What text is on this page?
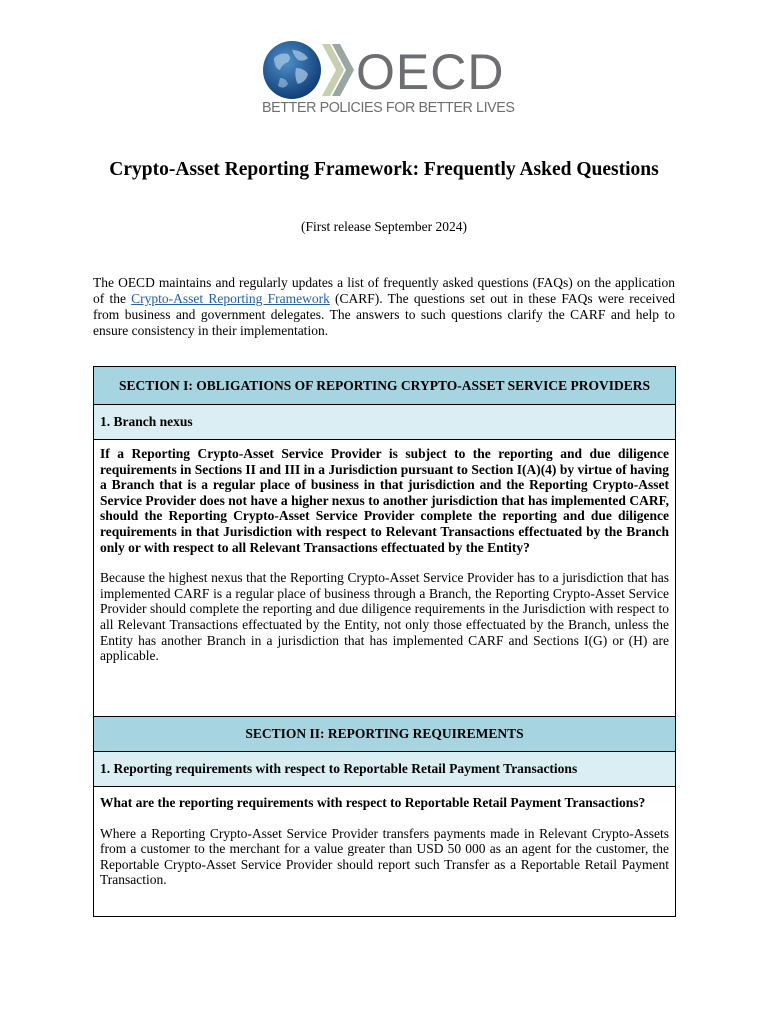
OECD
BETTER POLICIES FOR BETTER LIVES
Crypto-Asset Reporting Framework: Frequently Asked Questions
(First release September 2024)
The OECD maintains and regularly updates a list of frequently asked questions (FAQs) on the application of the Crypto-Asset Reporting Framework (CARF). The questions set out in these FAQs were received from business and government delegates. The answers to such questions clarify the CARF and help to ensure consistency in their implementation.
SECTION I: OBLIGATIONS OF REPORTING CRYPTO-ASSET SERVICE PROVIDERS
1. Branch nexus
If a Reporting Crypto-Asset Service Provider is subject to the reporting and due diligence requirements in Sections II and III in a Jurisdiction pursuant to Section I(A)(4) by virtue of having a Branch that is a regular place of business in that jurisdiction and the Reporting Crypto-Asset Service Provider does not have a higher nexus to another jurisdiction that has implemented CARF, should the Reporting Crypto-Asset Service Provider complete the reporting and due diligence requirements in that Jurisdiction with respect to Relevant Transactions effectuated by the Branch only or with respect to all Relevant Transactions effectuated by the Entity?
Because the highest nexus that the Reporting Crypto-Asset Service Provider has to a jurisdiction that has implemented CARF is a regular place of business through a Branch, the Reporting Crypto-Asset Service Provider should complete the reporting and due diligence requirements in the Jurisdiction with respect to all Relevant Transactions effectuated by the Entity, not only those effectuated by the Branch, unless the Entity has another Branch in a jurisdiction that has implemented CARF and Sections I(G) or (H) are applicable.
SECTION II: REPORTING REQUIREMENTS
1. Reporting requirements with respect to Reportable Retail Payment Transactions
What are the reporting requirements with respect to Reportable Retail Payment Transactions?
Where a Reporting Crypto-Asset Service Provider transfers payments made in Relevant Crypto-Assets from a customer to the merchant for a value greater than USD 50 000 as an agent for the customer, the Reportable Crypto-Asset Service Provider should report such Transfer as a Reportable Retail Payment Transaction.
